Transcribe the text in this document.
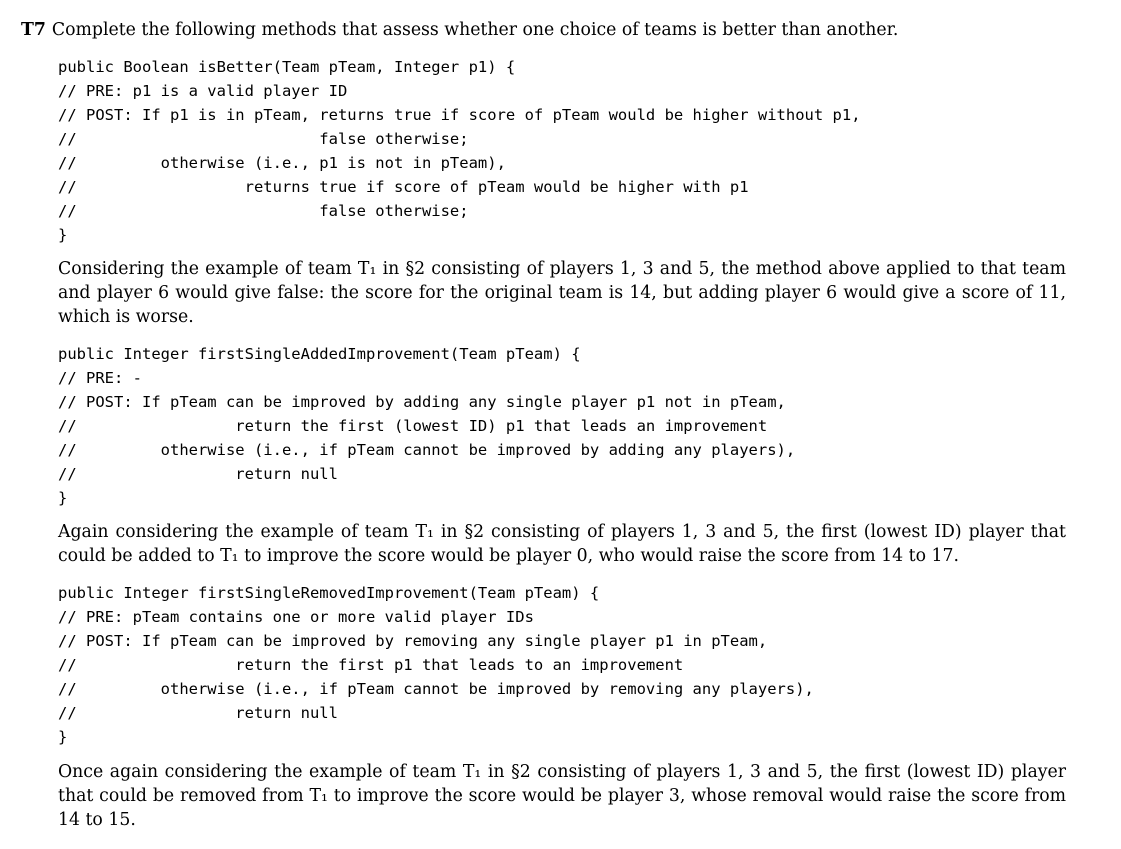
T7 Complete the following methods that assess whether one choice of teams is better than another.
public Boolean isBetter(Team pTeam, Integer p1) {
// PRE: p1 is a valid player ID
// POST: If p1 is in pTeam, returns true if score of pTeam would be higher without p1,
//                          false otherwise;
//         otherwise (i.e., p1 is not in pTeam),
//                  returns true if score of pTeam would be higher with p1
//                          false otherwise;
}
Considering the example of team T₁ in §2 consisting of players 1, 3 and 5, the method above applied to that team
and player 6 would give false: the score for the original team is 14, but adding player 6 would give a score of 11,
which is worse.
public Integer firstSingleAddedImprovement(Team pTeam) {
// PRE: -
// POST: If pTeam can be improved by adding any single player p1 not in pTeam,
//                 return the first (lowest ID) p1 that leads an improvement
//         otherwise (i.e., if pTeam cannot be improved by adding any players),
//                 return null
}
Again considering the example of team T₁ in §2 consisting of players 1, 3 and 5, the first (lowest ID) player that
could be added to T₁ to improve the score would be player 0, who would raise the score from 14 to 17.
public Integer firstSingleRemovedImprovement(Team pTeam) {
// PRE: pTeam contains one or more valid player IDs
// POST: If pTeam can be improved by removing any single player p1 in pTeam,
//                 return the first p1 that leads to an improvement
//         otherwise (i.e., if pTeam cannot be improved by removing any players),
//                 return null
}
Once again considering the example of team T₁ in §2 consisting of players 1, 3 and 5, the first (lowest ID) player
that could be removed from T₁ to improve the score would be player 3, whose removal would raise the score from
14 to 15.
